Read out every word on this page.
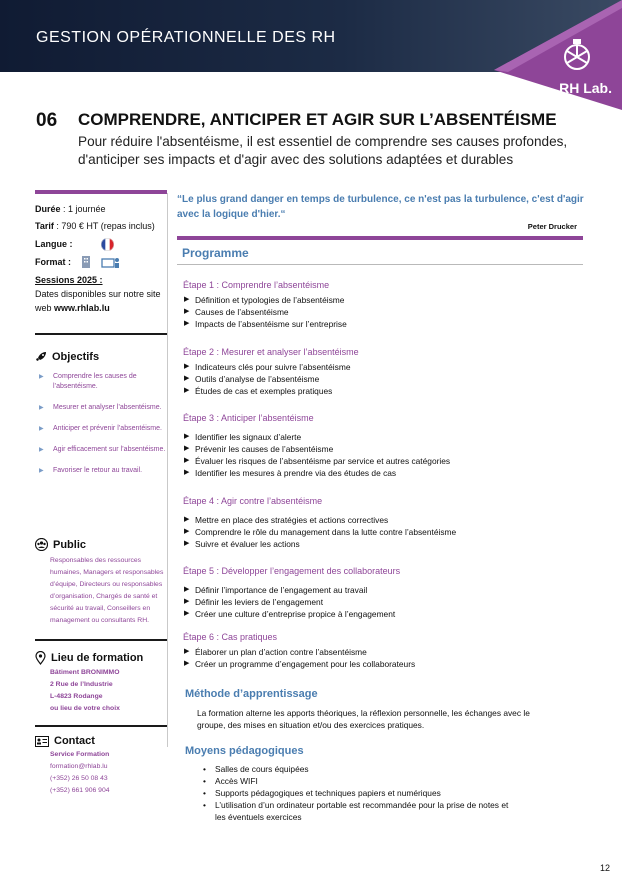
GESTION OPÉRATIONNELLE DES RH
RH Lab.
06 COMPRENDRE, ANTICIPER ET AGIR SUR L’ABSENTÉISME
Pour réduire l'absentéisme, il est essentiel de comprendre ses causes profondes, d'anticiper ses impacts et d'agir avec des solutions adaptées et durables
Durée : 1 journée
Tarif : 790 € HT (repas inclus)
Langue :
Format :
Sessions 2025 :
Dates disponibles sur notre site web www.rhlab.lu
Objectifs
▶ Comprendre les causes de l’absentéisme.
▶ Mesurer et analyser l’absentéisme.
▶ Anticiper et prévenir l’absentéisme.
▶ Agir efficacement sur l’absentéisme.
▶ Favoriser le retour au travail.
Public
Responsables des ressources humaines, Managers et responsables d’équipe, Directeurs ou responsables d’organisation, Chargés de santé et sécurité au travail, Conseillers en management ou consultants RH.
Lieu de formation
Bâtiment BRONIMMO
2 Rue de l’Industrie
L-4823 Rodange
ou lieu de votre choix
Contact
Service Formation
formation@rhlab.lu
(+352) 26 50 08 43
(+352) 661 906 904
“Le plus grand danger en temps de turbulence, ce n'est pas la turbulence, c'est d'agir avec la logique d'hier.“
Peter Drucker
Programme
Étape 1 : Comprendre l’absentéisme
▶ Définition et typologies de l’absentéisme
▶ Causes de l’absentéisme
▶ Impacts de l’absentéisme sur l’entreprise
Étape 2 : Mesurer et analyser l’absentéisme
▶ Indicateurs clés pour suivre l’absentéisme
▶ Outils d’analyse de l’absentéisme
▶ Études de cas et exemples pratiques
Étape 3 : Anticiper l’absentéisme
▶ Identifier les signaux d’alerte
▶ Prévenir les causes de l’absentéisme
▶ Évaluer les risques de l’absentéisme par service et autres catégories
▶ Identifier les mesures à prendre via des études de cas
Étape 4 : Agir contre l’absentéisme
▶ Mettre en place des stratégies et actions correctives
▶ Comprendre le rôle du management dans la lutte contre l’absentéisme
▶ Suivre et évaluer les actions
Étape 5 : Développer l’engagement des collaborateurs
▶ Définir l’importance de l’engagement au travail
▶ Définir les leviers de l’engagement
▶ Créer une culture d’entreprise propice à l’engagement
Étape 6 : Cas pratiques
▶ Élaborer un plan d’action contre l’absentéisme
▶ Créer un programme d’engagement pour les collaborateurs
Méthode d’apprentissage
La formation alterne les apports théoriques, la réflexion personnelle, les échanges avec le groupe, des mises en situation et/ou des exercices pratiques.
Moyens pédagogiques
• Salles de cours équipées
• Accès WIFI
• Supports pédagogiques et techniques papiers et numériques
• L’utilisation d’un ordinateur portable est recommandée pour la prise de notes et les éventuels exercices
12
